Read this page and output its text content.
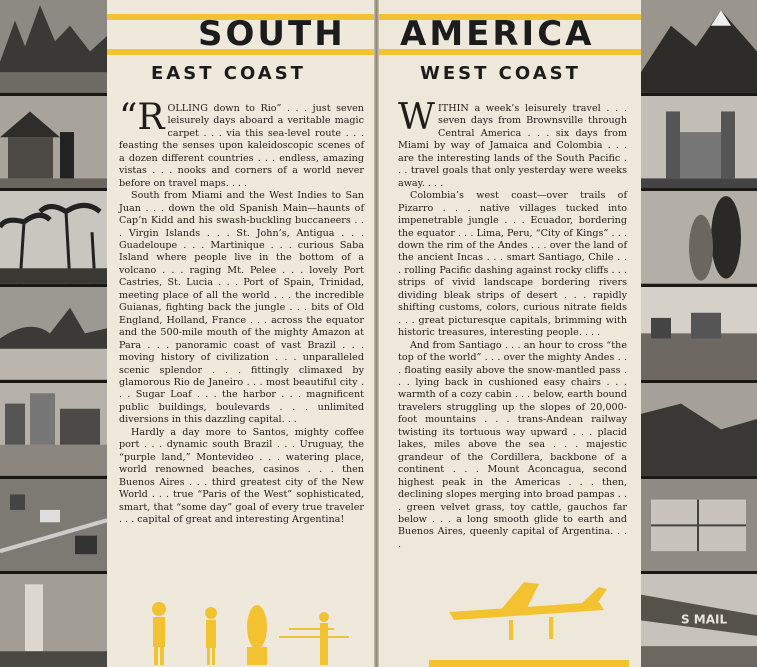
SOUTH
EAST COAST

“ROLLING down to Rio” . . . just seven leisurely days aboard a veritable magic carpet . . . via this sea-level route . . . feasting the senses upon kaleidoscopic scenes of a dozen different countries . . . endless, amazing vistas . . . nooks and corners of a world never before on travel maps. . . .

South from Miami and the West Indies to San Juan . . . down the old Spanish Main—haunts of Cap’n Kidd and his swash-buckling buccaneers . . . Virgin Islands . . . St. John’s, Antigua . . . Guadeloupe . . . Martinique . . . curious Saba Island where people live in the bottom of a volcano . . . raging Mt. Pelee . . . lovely Port Castries, St. Lucia . . . Port of Spain, Trinidad, meeting place of all the world . . . the incredible Guianas, fighting back the jungle . . . bits of Old England, Holland, France . . . across the equator and the 500-mile mouth of the mighty Amazon at Para . . . panoramic coast of vast Brazil . . . moving history of civilization . . . unparalleled scenic splendor . . . fittingly climaxed by glamorous Rio de Janeiro . . . most beautiful city . . . Sugar Loaf . . . the harbor . . . magnificent public buildings, boulevards . . . unlimited diversions in this dazzling capital. . .

Hardly a day more to Santos, mighty coffee port . . . dynamic south Brazil . . . Uruguay, the “purple land,” Montevideo . . . watering place, world renowned beaches, casinos . . . then Buenos Aires . . . third greatest city of the New World . . . true “Paris of the West” sophisticated, smart, that “some day” goal of every true traveler . . . capital of great and interesting Argentina!

AMERICA
WEST COAST

WITHIN a week’s leisurely travel . . . seven days from Brownsville through Central America . . . six days from Miami by way of Jamaica and Colombia . . . are the interesting lands of the South Pacific . . . travel goals that only yesterday were weeks away. . . .

Colombia’s west coast—over trails of Pizarro . . . native villages tucked into impenetrable jungle . . . Ecuador, bordering the equator . . . Lima, Peru, “City of Kings” . . . down the rim of the Andes . . . over the land of the ancient Incas . . . smart Santiago, Chile . . . rolling Pacific dashing against rocky cliffs . . . strips of vivid landscape bordering rivers dividing bleak strips of desert . . . rapidly shifting customs, colors, curious nitrate fields . . . great picturesque capitals, brimming with historic treasures, interesting people. . . .

And from Santiago . . . an hour to cross “the top of the world” . . . over the mighty Andes . . . floating easily above the snow-mantled pass . . . lying back in cushioned easy chairs . . . warmth of a cozy cabin . . . below, earth bound travelers struggling up the slopes of 20,000-foot mountains . . . trans-Andean railway twisting its tortuous way upward . . . placid lakes, miles above the sea . . . majestic grandeur of the Cordillera, backbone of a continent . . . Mount Aconcagua, second highest peak in the Americas . . . then, declining slopes merging into broad pampas . . . green velvet grass, toy cattle, gauchos far below . . . a long smooth glide to earth and Buenos Aires, queenly capital of Argentina. . . .

S MAIL
